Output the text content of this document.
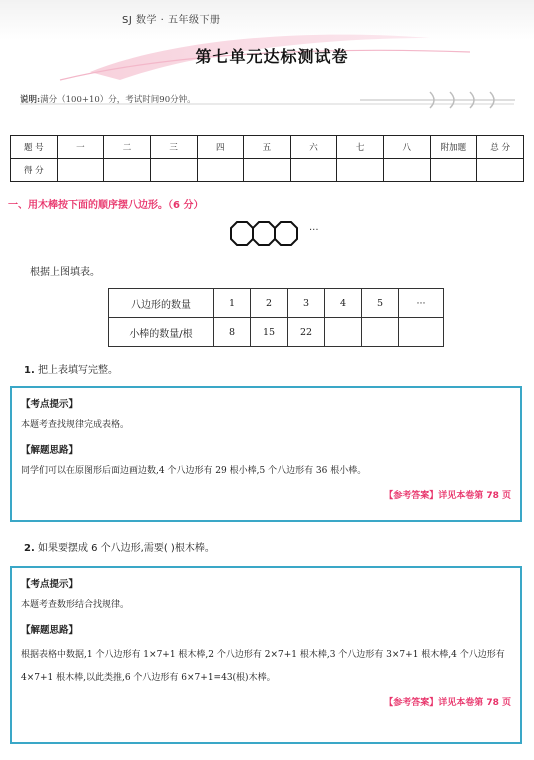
SJ 数学 · 五年级下册
第七单元达标测试卷
说明:满分（100+10）分，考试时间90分钟。
题 号	一	二	三	四	五	六	七	八	附加题	总 分
得 分										
一、用木棒按下面的顺序摆八边形。（6 分）
···
根据上图填表。
八边形的数量	1	2	3	4	5	···
小棒的数量/根	8	15	22			
1. 把上表填写完整。
【考点提示】
本题考查找规律完成表格。
【解题思路】
同学们可以在原图形后面边画边数,4 个八边形有 29 根小棒,5 个八边形有 36 根小棒。
【参考答案】详见本卷第 78 页
2. 如果要摆成 6 个八边形,需要( )根木棒。
【考点提示】
本题考查数形结合找规律。
【解题思路】
根据表格中数据,1 个八边形有 1×7+1 根木棒,2 个八边形有 2×7+1 根木棒,3 个八边形有 3×7+1 根木棒,4 个八边形有 4×7+1 根木棒,以此类推,6 个八边形有 6×7+1=43(根)木棒。
【参考答案】详见本卷第 78 页
